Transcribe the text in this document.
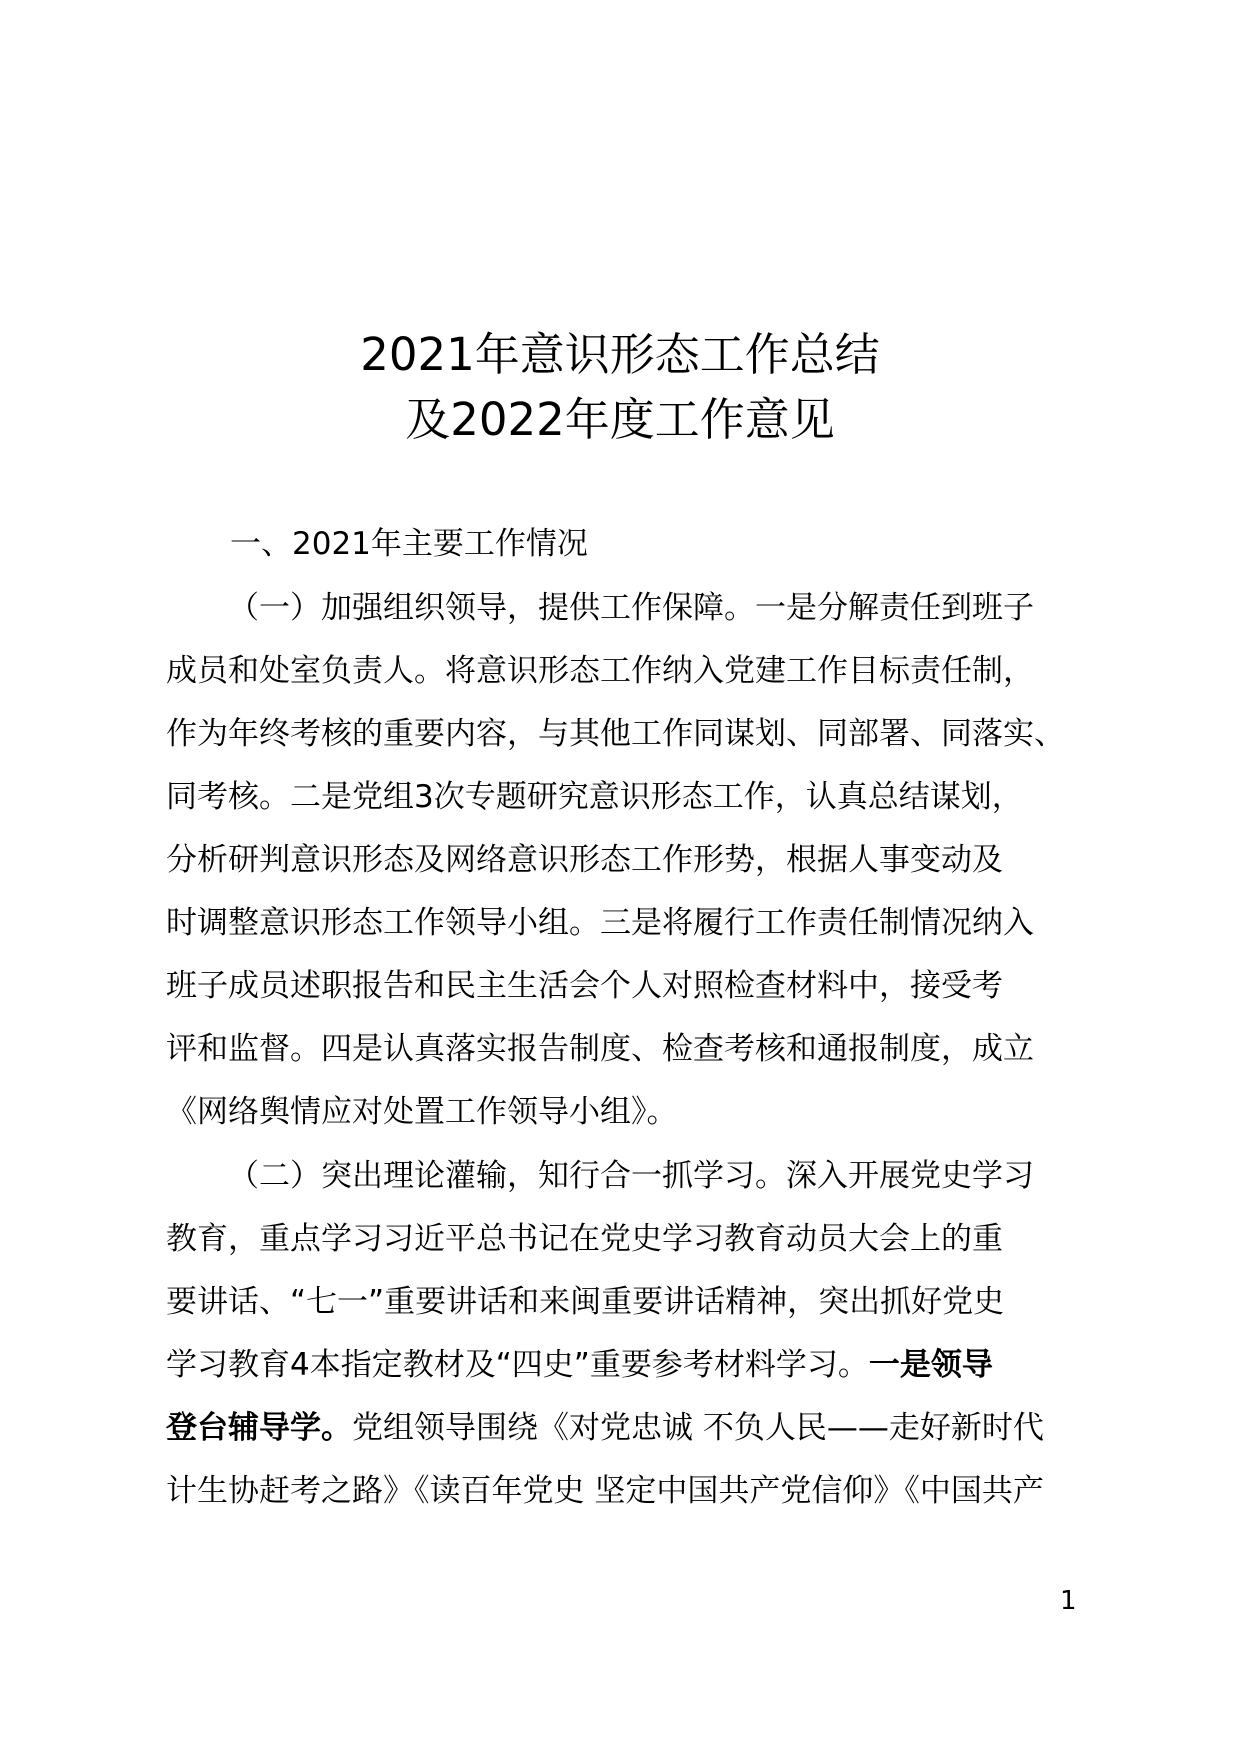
2021年意识形态工作总结
及2022年度工作意见
一、2021年主要工作情况
（一）加强组织领导，提供工作保障。一是分解责任到班子
成员和处室负责人。将意识形态工作纳入党建工作目标责任制，
作为年终考核的重要内容，与其他工作同谋划、同部署、同落实、
同考核。二是党组3次专题研究意识形态工作，认真总结谋划，
分析研判意识形态及网络意识形态工作形势，根据人事变动及
时调整意识形态工作领导小组。三是将履行工作责任制情况纳入
班子成员述职报告和民主生活会个人对照检查材料中，接受考
评和监督。四是认真落实报告制度、检查考核和通报制度，成立
《网络舆情应对处置工作领导小组》。
（二）突出理论灌输，知行合一抓学习。深入开展党史学习
教育，重点学习习近平总书记在党史学习教育动员大会上的重
要讲话、“七一”重要讲话和来闽重要讲话精神，突出抓好党史
学习教育4本指定教材及“四史”重要参考材料学习。一是领导
登台辅导学。党组领导围绕《对党忠诚 不负人民——走好新时代
计生协赶考之路》《读百年党史 坚定中国共产党信仰》《中国共产
1
